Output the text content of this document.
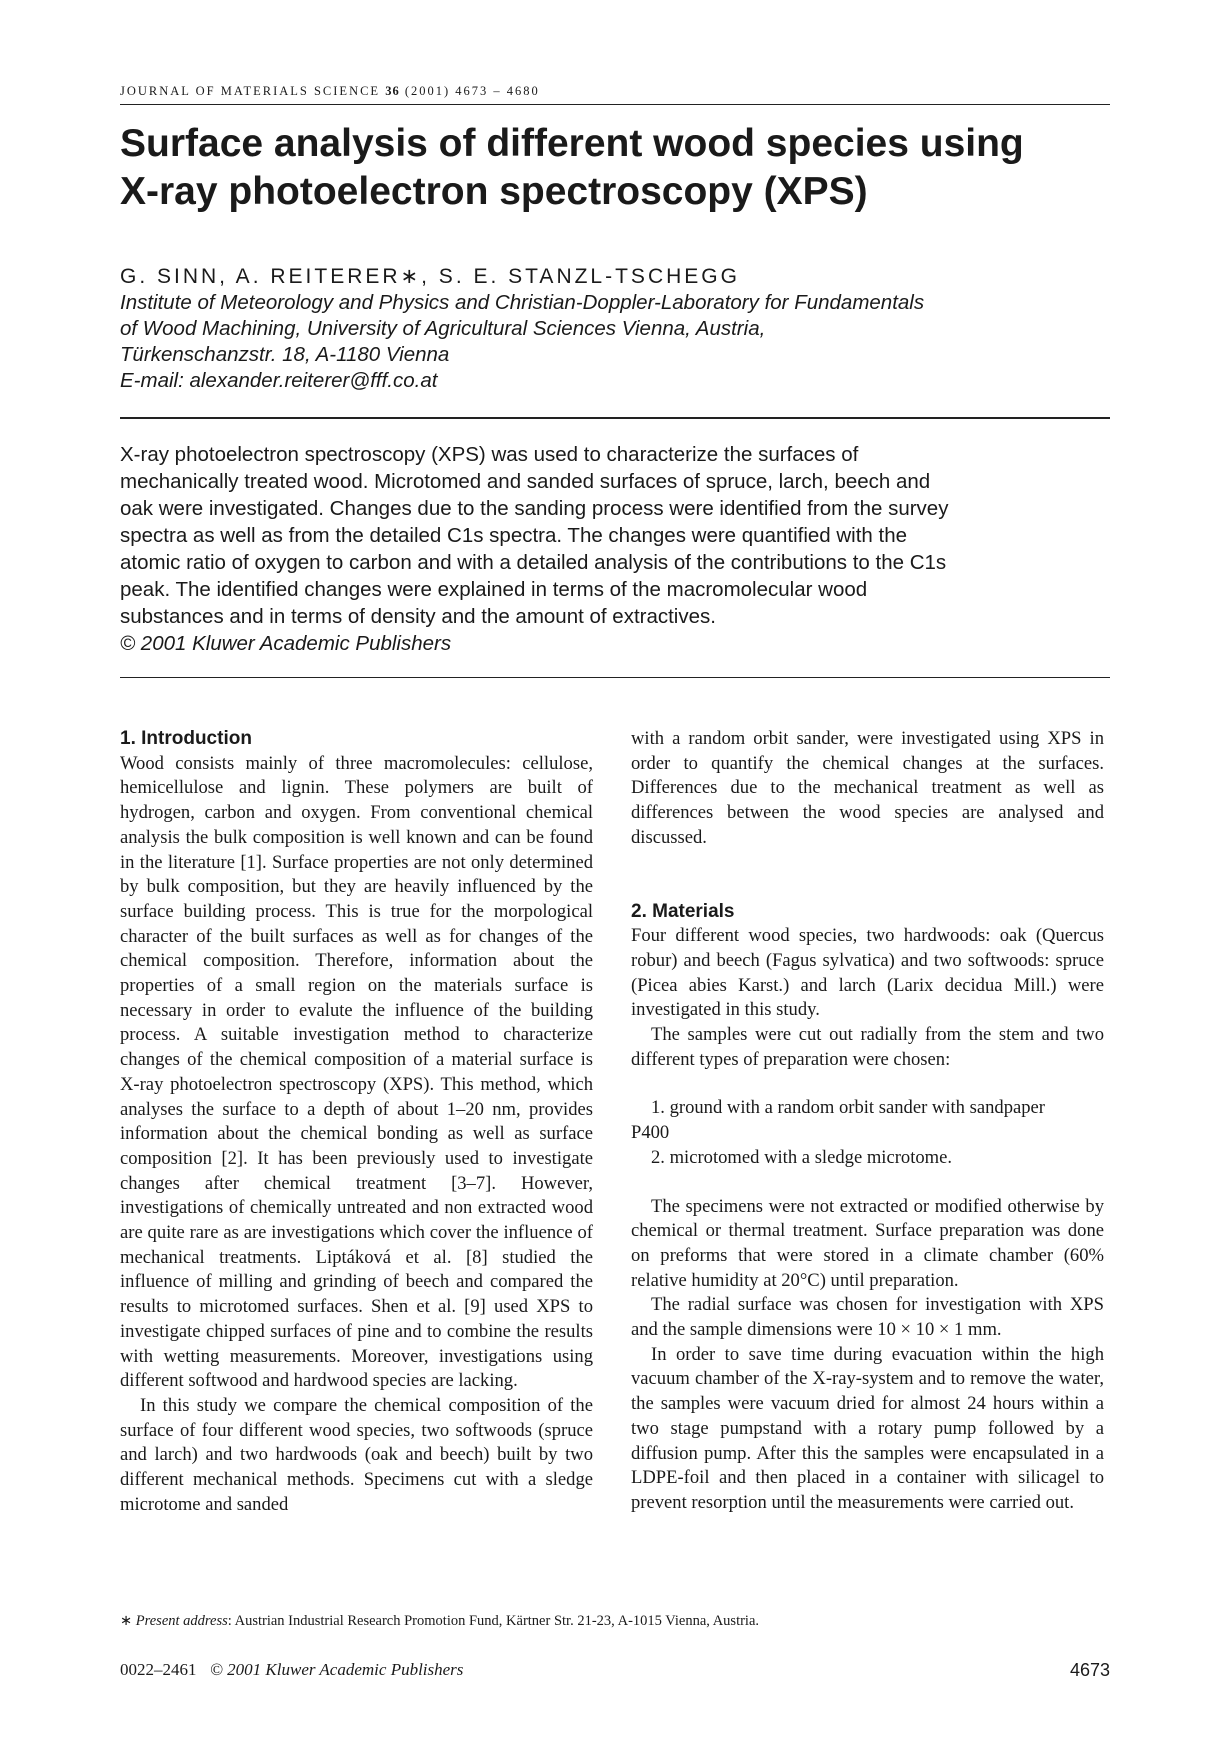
JOURNAL OF MATERIALS SCIENCE 36 (2001) 4673 – 4680
Surface analysis of different wood species using
X-ray photoelectron spectroscopy (XPS)
G. SINN, A. REITERER∗, S. E. STANZL-TSCHEGG
Institute of Meteorology and Physics and Christian-Doppler-Laboratory for Fundamentals
of Wood Machining, University of Agricultural Sciences Vienna, Austria,
Türkenschanzstr. 18, A-1180 Vienna
E-mail: alexander.reiterer@fff.co.at
X-ray photoelectron spectroscopy (XPS) was used to characterize the surfaces of
mechanically treated wood. Microtomed and sanded surfaces of spruce, larch, beech and
oak were investigated. Changes due to the sanding process were identified from the survey
spectra as well as from the detailed C1s spectra. The changes were quantified with the
atomic ratio of oxygen to carbon and with a detailed analysis of the contributions to the C1s
peak. The identified changes were explained in terms of the macromolecular wood
substances and in terms of density and the amount of extractives.
© 2001 Kluwer Academic Publishers
1. Introduction
Wood consists mainly of three macromolecules: cellulose, hemicellulose and lignin. These polymers are built of hydrogen, carbon and oxygen. From conventional chemical analysis the bulk composition is well known and can be found in the literature [1]. Surface properties are not only determined by bulk composition, but they are heavily influenced by the surface building process. This is true for the morpological character of the built surfaces as well as for changes of the chemical composition. Therefore, information about the properties of a small region on the materials surface is necessary in order to evalute the influence of the building process. A suitable investigation method to characterize changes of the chemical composition of a material surface is X-ray photoelectron spectroscopy (XPS). This method, which analyses the surface to a depth of about 1–20 nm, provides information about the chemical bonding as well as surface composition [2]. It has been previously used to investigate changes after chemical treatment [3–7]. However, investigations of chemically untreated and non extracted wood are quite rare as are investigations which cover the influence of mechanical treatments. Liptáková et al. [8] studied the influence of milling and grinding of beech and compared the results to microtomed surfaces. Shen et al. [9] used XPS to investigate chipped surfaces of pine and to combine the results with wetting measurements. Moreover, investigations using different softwood and hardwood species are lacking.
In this study we compare the chemical composition of the surface of four different wood species, two softwoods (spruce and larch) and two hardwoods (oak and beech) built by two different mechanical methods. Specimens cut with a sledge microtome and sanded
with a random orbit sander, were investigated using XPS in order to quantify the chemical changes at the surfaces. Differences due to the mechanical treatment as well as differences between the wood species are analysed and discussed.
2. Materials
Four different wood species, two hardwoods: oak (Quercus robur) and beech (Fagus sylvatica) and two softwoods: spruce (Picea abies Karst.) and larch (Larix decidua Mill.) were investigated in this study.
The samples were cut out radially from the stem and two different types of preparation were chosen:
1. ground with a random orbit sander with sandpaper
P400
2. microtomed with a sledge microtome.
The specimens were not extracted or modified otherwise by chemical or thermal treatment. Surface preparation was done on preforms that were stored in a climate chamber (60% relative humidity at 20°C) until preparation.
The radial surface was chosen for investigation with XPS and the sample dimensions were 10 × 10 × 1 mm.
In order to save time during evacuation within the high vacuum chamber of the X-ray-system and to remove the water, the samples were vacuum dried for almost 24 hours within a two stage pumpstand with a rotary pump followed by a diffusion pump. After this the samples were encapsulated in a LDPE-foil and then placed in a container with silicagel to prevent resorption until the measurements were carried out.
∗ Present address: Austrian Industrial Research Promotion Fund, Kärtner Str. 21-23, A-1015 Vienna, Austria.
0022–2461 © 2001 Kluwer Academic Publishers	4673
